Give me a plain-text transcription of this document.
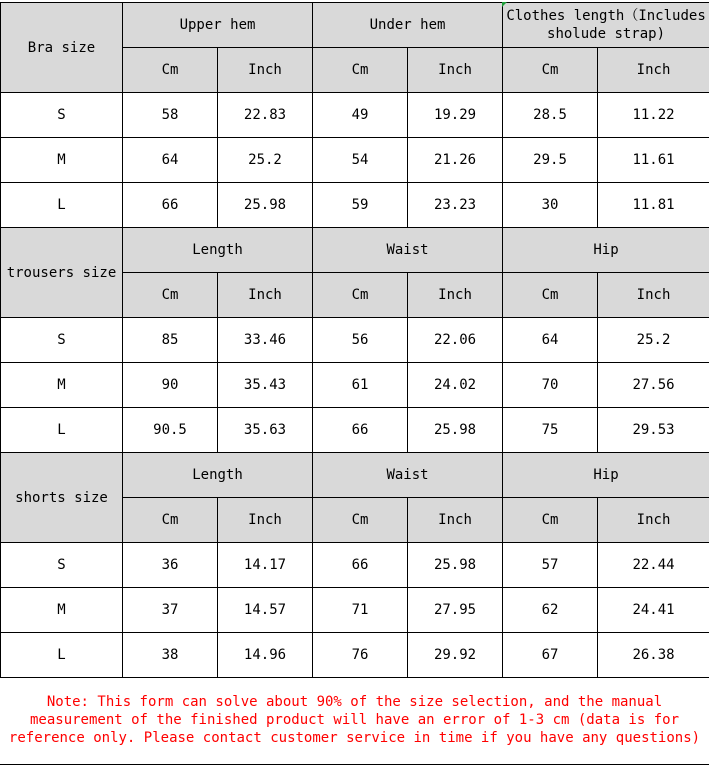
Bra size	Upper hem		Under hem		Clothes length（Includes sholude strap)	
	Cm	Inch	Cm	Inch	Cm	Inch
S	58	22.83	49	19.29	28.5	11.22
M	64	25.2	54	21.26	29.5	11.61
L	66	25.98	59	23.23	30	11.81
trousers size	Length		Waist		Hip	
	Cm	Inch	Cm	Inch	Cm	Inch
S	85	33.46	56	22.06	64	25.2
M	90	35.43	61	24.02	70	27.56
L	90.5	35.63	66	25.98	75	29.53
shorts size	Length		Waist		Hip	
	Cm	Inch	Cm	Inch	Cm	Inch
S	36	14.17	66	25.98	57	22.44
M	37	14.57	71	27.95	62	24.41
L	38	14.96	76	29.92	67	26.38
Note: This form can solve about 90% of the size selection, and the manual measurement of the finished product will have an error of 1-3 cm (data is for reference only. Please contact customer service in time if you have any questions)
